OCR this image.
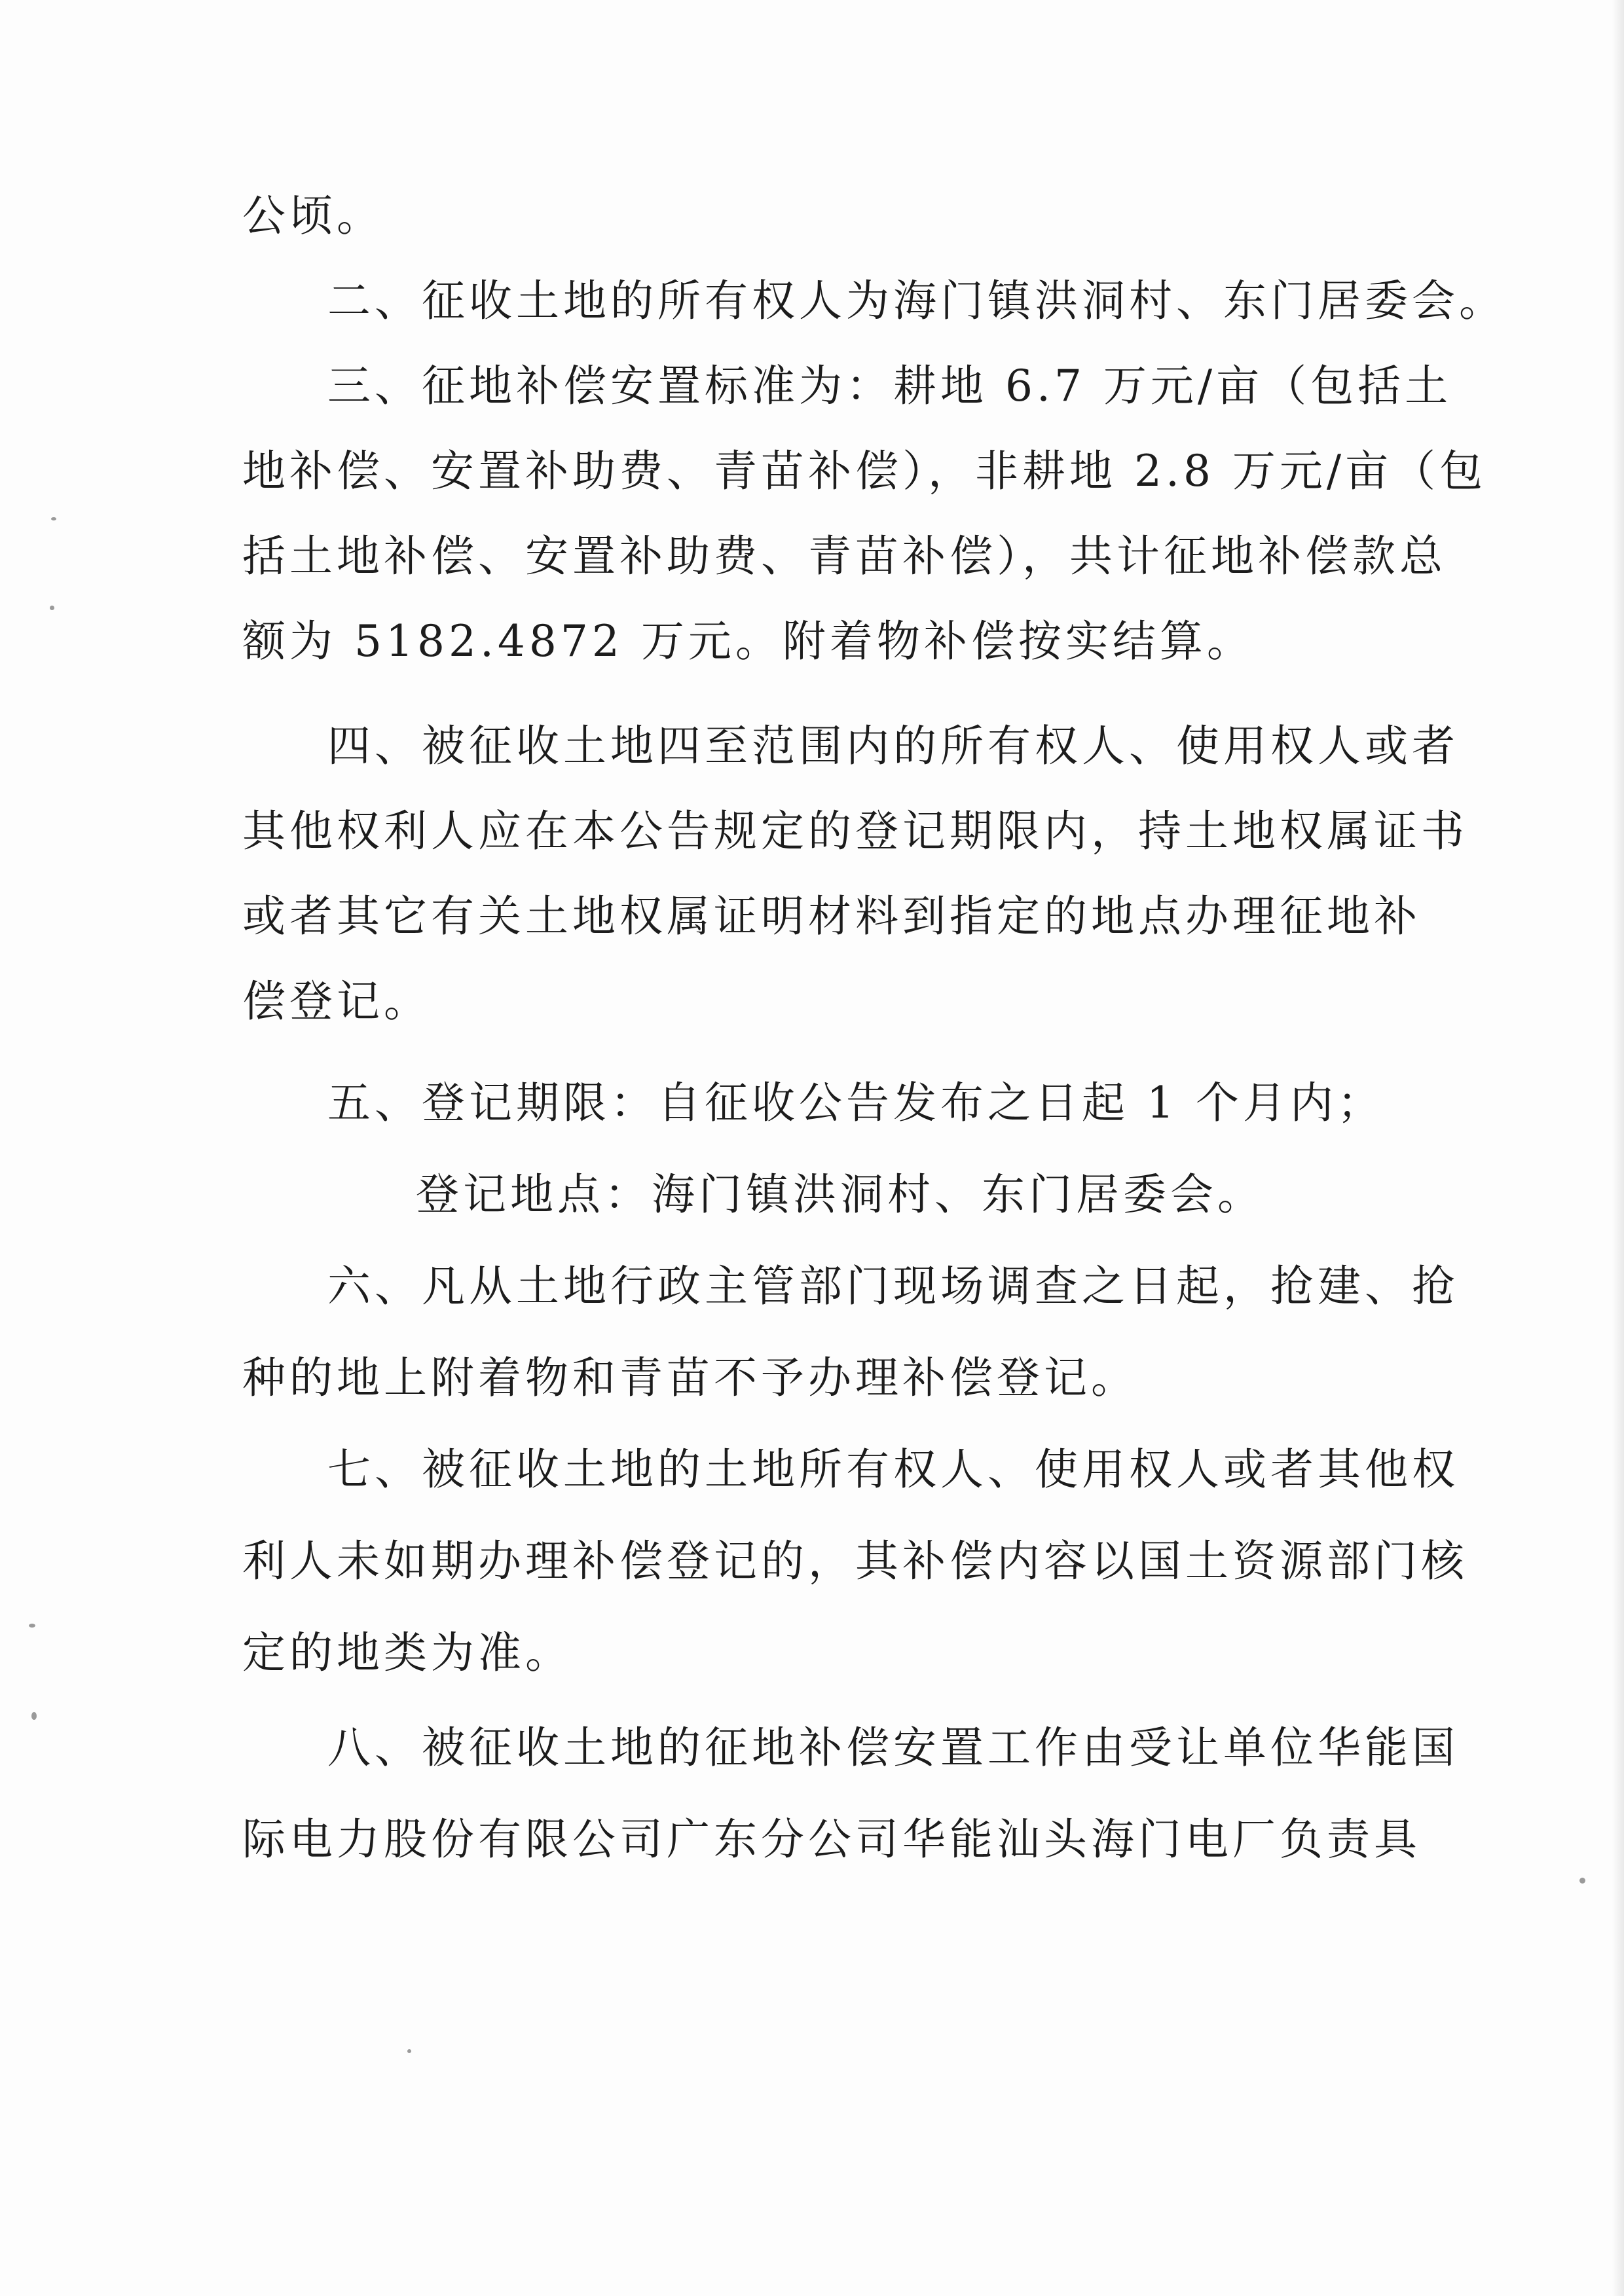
公顷。
二、征收土地的所有权人为海门镇洪洞村、东门居委会。
三、征地补偿安置标准为：耕地 6.7 万元/亩（包括土
地补偿、安置补助费、青苗补偿），非耕地 2.8 万元/亩（包
括土地补偿、安置补助费、青苗补偿），共计征地补偿款总
额为 5182.4872 万元。附着物补偿按实结算。
四、被征收土地四至范围内的所有权人、使用权人或者
其他权利人应在本公告规定的登记期限内，持土地权属证书
或者其它有关土地权属证明材料到指定的地点办理征地补
偿登记。
五、登记期限：自征收公告发布之日起 1 个月内；
登记地点：海门镇洪洞村、东门居委会。
六、凡从土地行政主管部门现场调查之日起，抢建、抢
种的地上附着物和青苗不予办理补偿登记。
七、被征收土地的土地所有权人、使用权人或者其他权
利人未如期办理补偿登记的，其补偿内容以国土资源部门核
定的地类为准。
八、被征收土地的征地补偿安置工作由受让单位华能国
际电力股份有限公司广东分公司华能汕头海门电厂负责具
